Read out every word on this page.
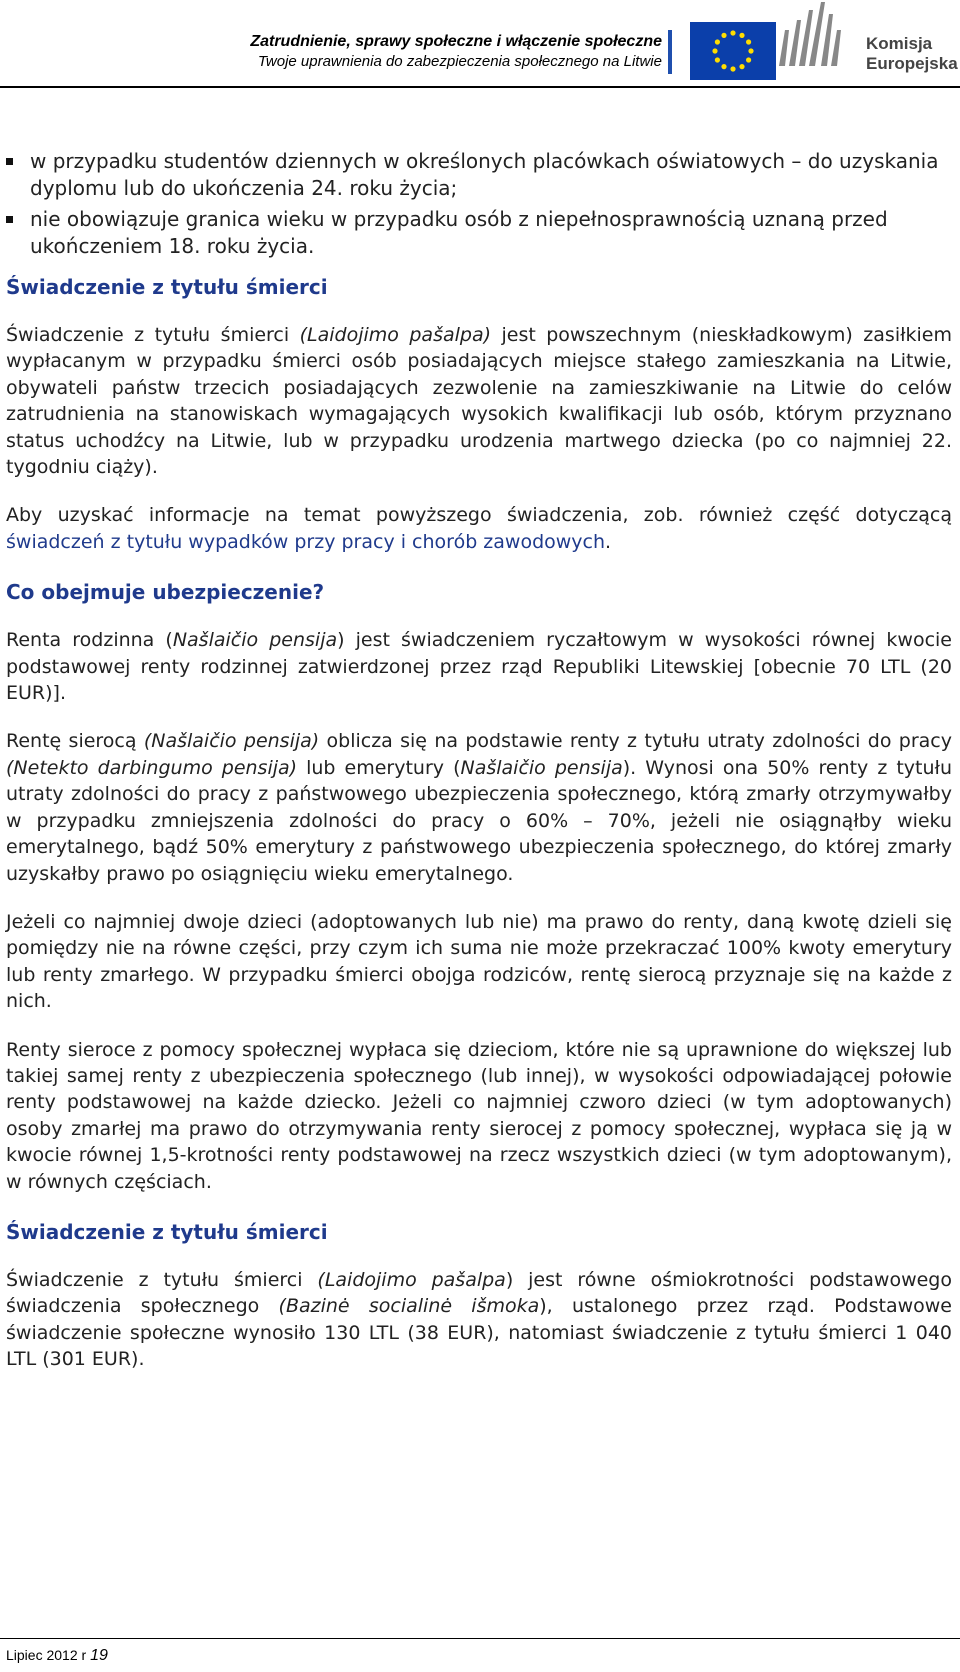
Zatrudnienie, sprawy społeczne i włączenie społeczne
Twoje uprawnienia do zabezpieczenia społecznego na Litwie
Komisja
Europejska
w przypadku studentów dziennych w określonych placówkach oświatowych – do uzyskania dyplomu lub do ukończenia 24. roku życia;
nie obowiązuje granica wieku w przypadku osób z niepełnosprawnością uznaną przed ukończeniem 18. roku życia.
Świadczenie z tytułu śmierci

Świadczenie z tytułu śmierci (Laidojimo pašalpa) jest powszechnym (nieskładkowym) zasiłkiem wypłacanym w przypadku śmierci osób posiadających miejsce stałego zamieszkania na Litwie, obywateli państw trzecich posiadających zezwolenie na zamieszkiwanie na Litwie do celów zatrudnienia na stanowiskach wymagających wysokich kwalifikacji lub osób, którym przyznano status uchodźcy na Litwie, lub w przypadku urodzenia martwego dziecka (po co najmniej 22. tygodniu ciąży).

Aby uzyskać informacje na temat powyższego świadczenia, zob. również część dotyczącą świadczeń z tytułu wypadków przy pracy i chorób zawodowych.

Co obejmuje ubezpieczenie?

Renta rodzinna (Našlaičio pensija) jest świadczeniem ryczałtowym w wysokości równej kwocie podstawowej renty rodzinnej zatwierdzonej przez rząd Republiki Litewskiej [obecnie 70 LTL (20 EUR)].

Rentę sierocą (Našlaičio pensija) oblicza się na podstawie renty z tytułu utraty zdolności do pracy (Netekto darbingumo pensija) lub emerytury (Našlaičio pensija). Wynosi ona 50% renty z tytułu utraty zdolności do pracy z państwowego ubezpieczenia społecznego, którą zmarły otrzymywałby w przypadku zmniejszenia zdolności do pracy o 60% – 70%, jeżeli nie osiągnąłby wieku emerytalnego, bądź 50% emerytury z państwowego ubezpieczenia społecznego, do której zmarły uzyskałby prawo po osiągnięciu wieku emerytalnego.

Jeżeli co najmniej dwoje dzieci (adoptowanych lub nie) ma prawo do renty, daną kwotę dzieli się pomiędzy nie na równe części, przy czym ich suma nie może przekraczać 100% kwoty emerytury lub renty zmarłego. W przypadku śmierci obojga rodziców, rentę sierocą przyznaje się na każde z nich.

Renty sieroce z pomocy społecznej wypłaca się dzieciom, które nie są uprawnione do większej lub takiej samej renty z ubezpieczenia społecznego (lub innej), w wysokości odpowiadającej połowie renty podstawowej na każde dziecko. Jeżeli co najmniej czworo dzieci (w tym adoptowanych) osoby zmarłej ma prawo do otrzymywania renty sierocej z pomocy społecznej, wypłaca się ją w kwocie równej 1,5-krotności renty podstawowej na rzecz wszystkich dzieci (w tym adoptowanym), w równych częściach.

Świadczenie z tytułu śmierci

Świadczenie z tytułu śmierci (Laidojimo pašalpa) jest równe ośmiokrotności podstawowego świadczenia społecznego (Bazinė socialinė išmoka), ustalonego przez rząd. Podstawowe świadczenie społeczne wynosiło 130 LTL (38 EUR), natomiast świadczenie z tytułu śmierci 1 040 LTL (301 EUR).

Lipiec 2012 r 19
